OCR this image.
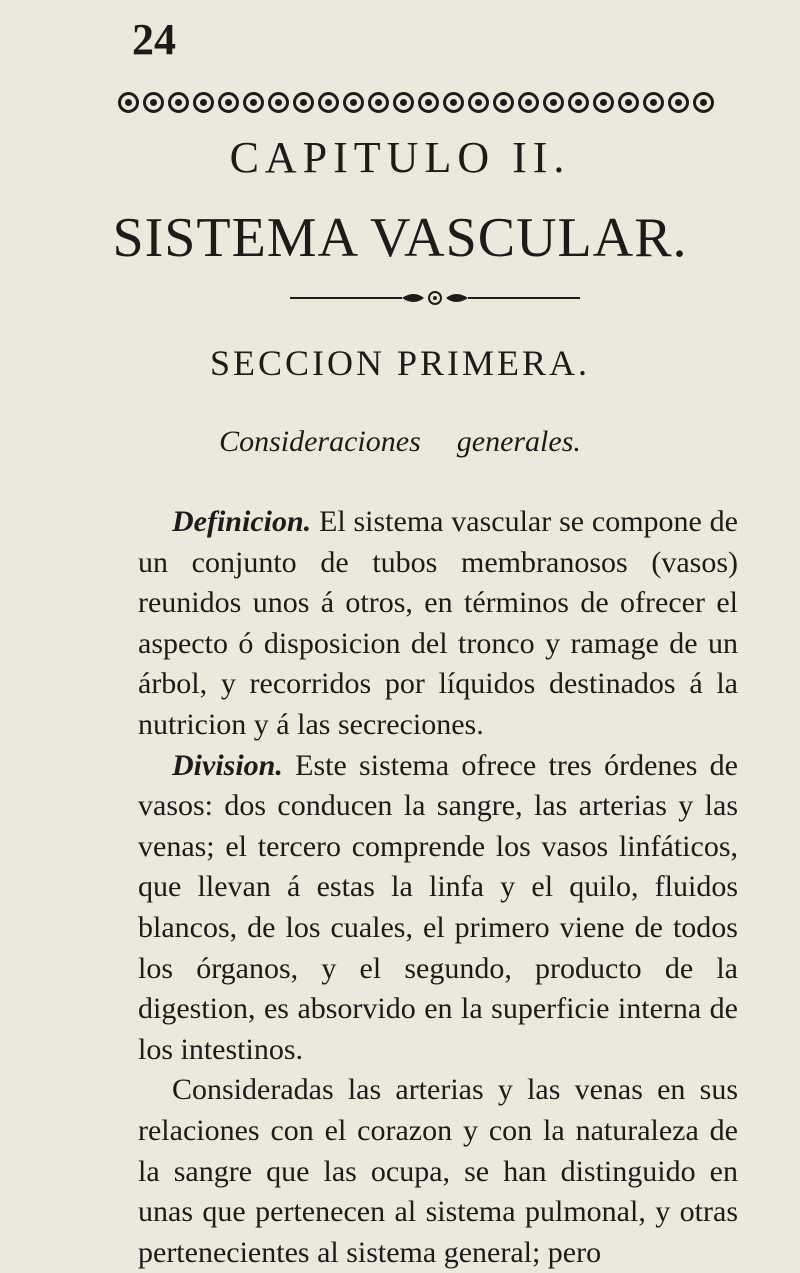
24
CAPITULO II.
SISTEMA VASCULAR.
SECCION PRIMERA.
Consideraciones generales.

Definicion. El sistema vascular se compone de un conjunto de tubos membranosos (vasos) reunidos unos á otros, en términos de ofrecer el aspecto ó disposicion del tronco y ramage de un árbol, y recorridos por líquidos destinados á la nutricion y á las secreciones.

Division. Este sistema ofrece tres órdenes de vasos: dos conducen la sangre, las arterias y las venas; el tercero comprende los vasos linfáticos, que llevan á estas la linfa y el quilo, fluidos blancos, de los cuales, el primero viene de todos los órganos, y el segundo, producto de la digestion, es absorvido en la superficie interna de los intestinos.

Consideradas las arterias y las venas en sus relaciones con el corazon y con la naturaleza de la sangre que las ocupa, se han distinguido en unas que pertenecen al sistema pulmonal, y otras pertenecientes al sistema general; pero
